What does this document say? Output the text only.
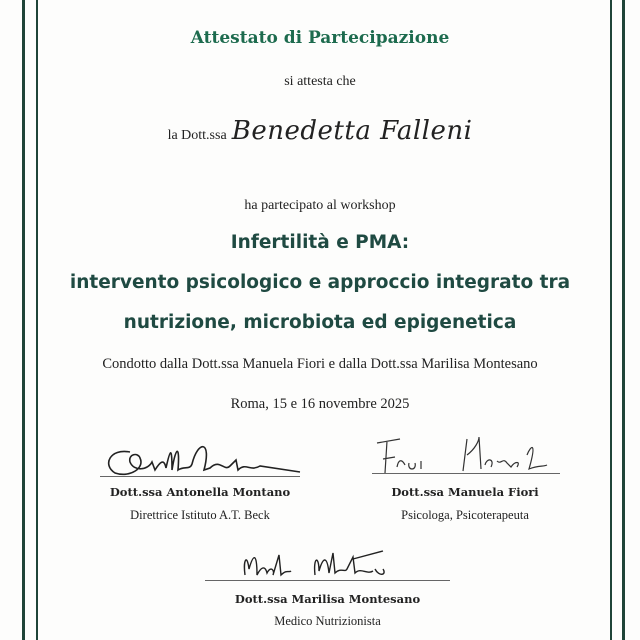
Attestato di Partecipazione
si attesta che
la Dott.ssa Benedetta Falleni
ha partecipato al workshop
Infertilità e PMA:
intervento psicologico e approccio integrato tra
nutrizione, microbiota ed epigenetica
Condotto dalla Dott.ssa Manuela Fiori e dalla Dott.ssa Marilisa Montesano
Roma, 15 e 16 novembre 2025
Dott.ssa Antonella Montano
Direttrice Istituto A.T. Beck
Dott.ssa Manuela Fiori
Psicologa, Psicoterapeuta
Dott.ssa Marilisa Montesano
Medico Nutrizionista
